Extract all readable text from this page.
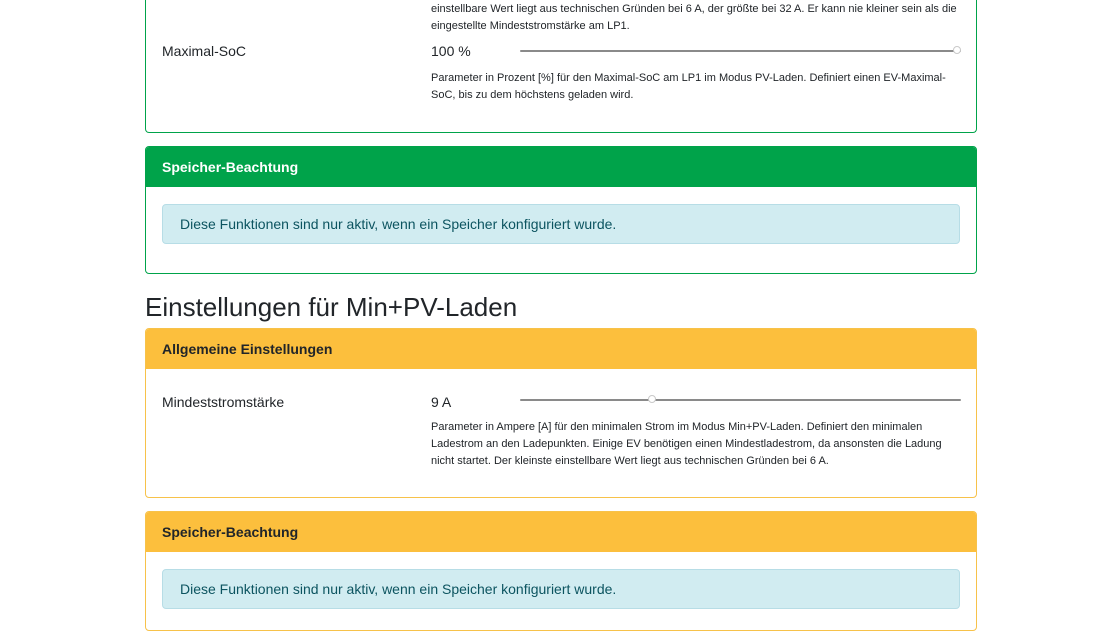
einstellbare Wert liegt aus technischen Gründen bei 6 A, der größte bei 32 A. Er kann nie kleiner sein als die eingestellte Mindeststromstärke am LP1.
Maximal-SoC	100 %
Parameter in Prozent [%] für den Maximal-SoC am LP1 im Modus PV-Laden. Definiert einen EV-Maximal-SoC, bis zu dem höchstens geladen wird.
Speicher-Beachtung
Diese Funktionen sind nur aktiv, wenn ein Speicher konfiguriert wurde.
Einstellungen für Min+PV-Laden
Allgemeine Einstellungen
Mindeststromstärke	9 A
Parameter in Ampere [A] für den minimalen Strom im Modus Min+PV-Laden. Definiert den minimalen Ladestrom an den Ladepunkten. Einige EV benötigen einen Mindestladestrom, da ansonsten die Ladung nicht startet. Der kleinste einstellbare Wert liegt aus technischen Gründen bei 6 A.
Speicher-Beachtung
Diese Funktionen sind nur aktiv, wenn ein Speicher konfiguriert wurde.
